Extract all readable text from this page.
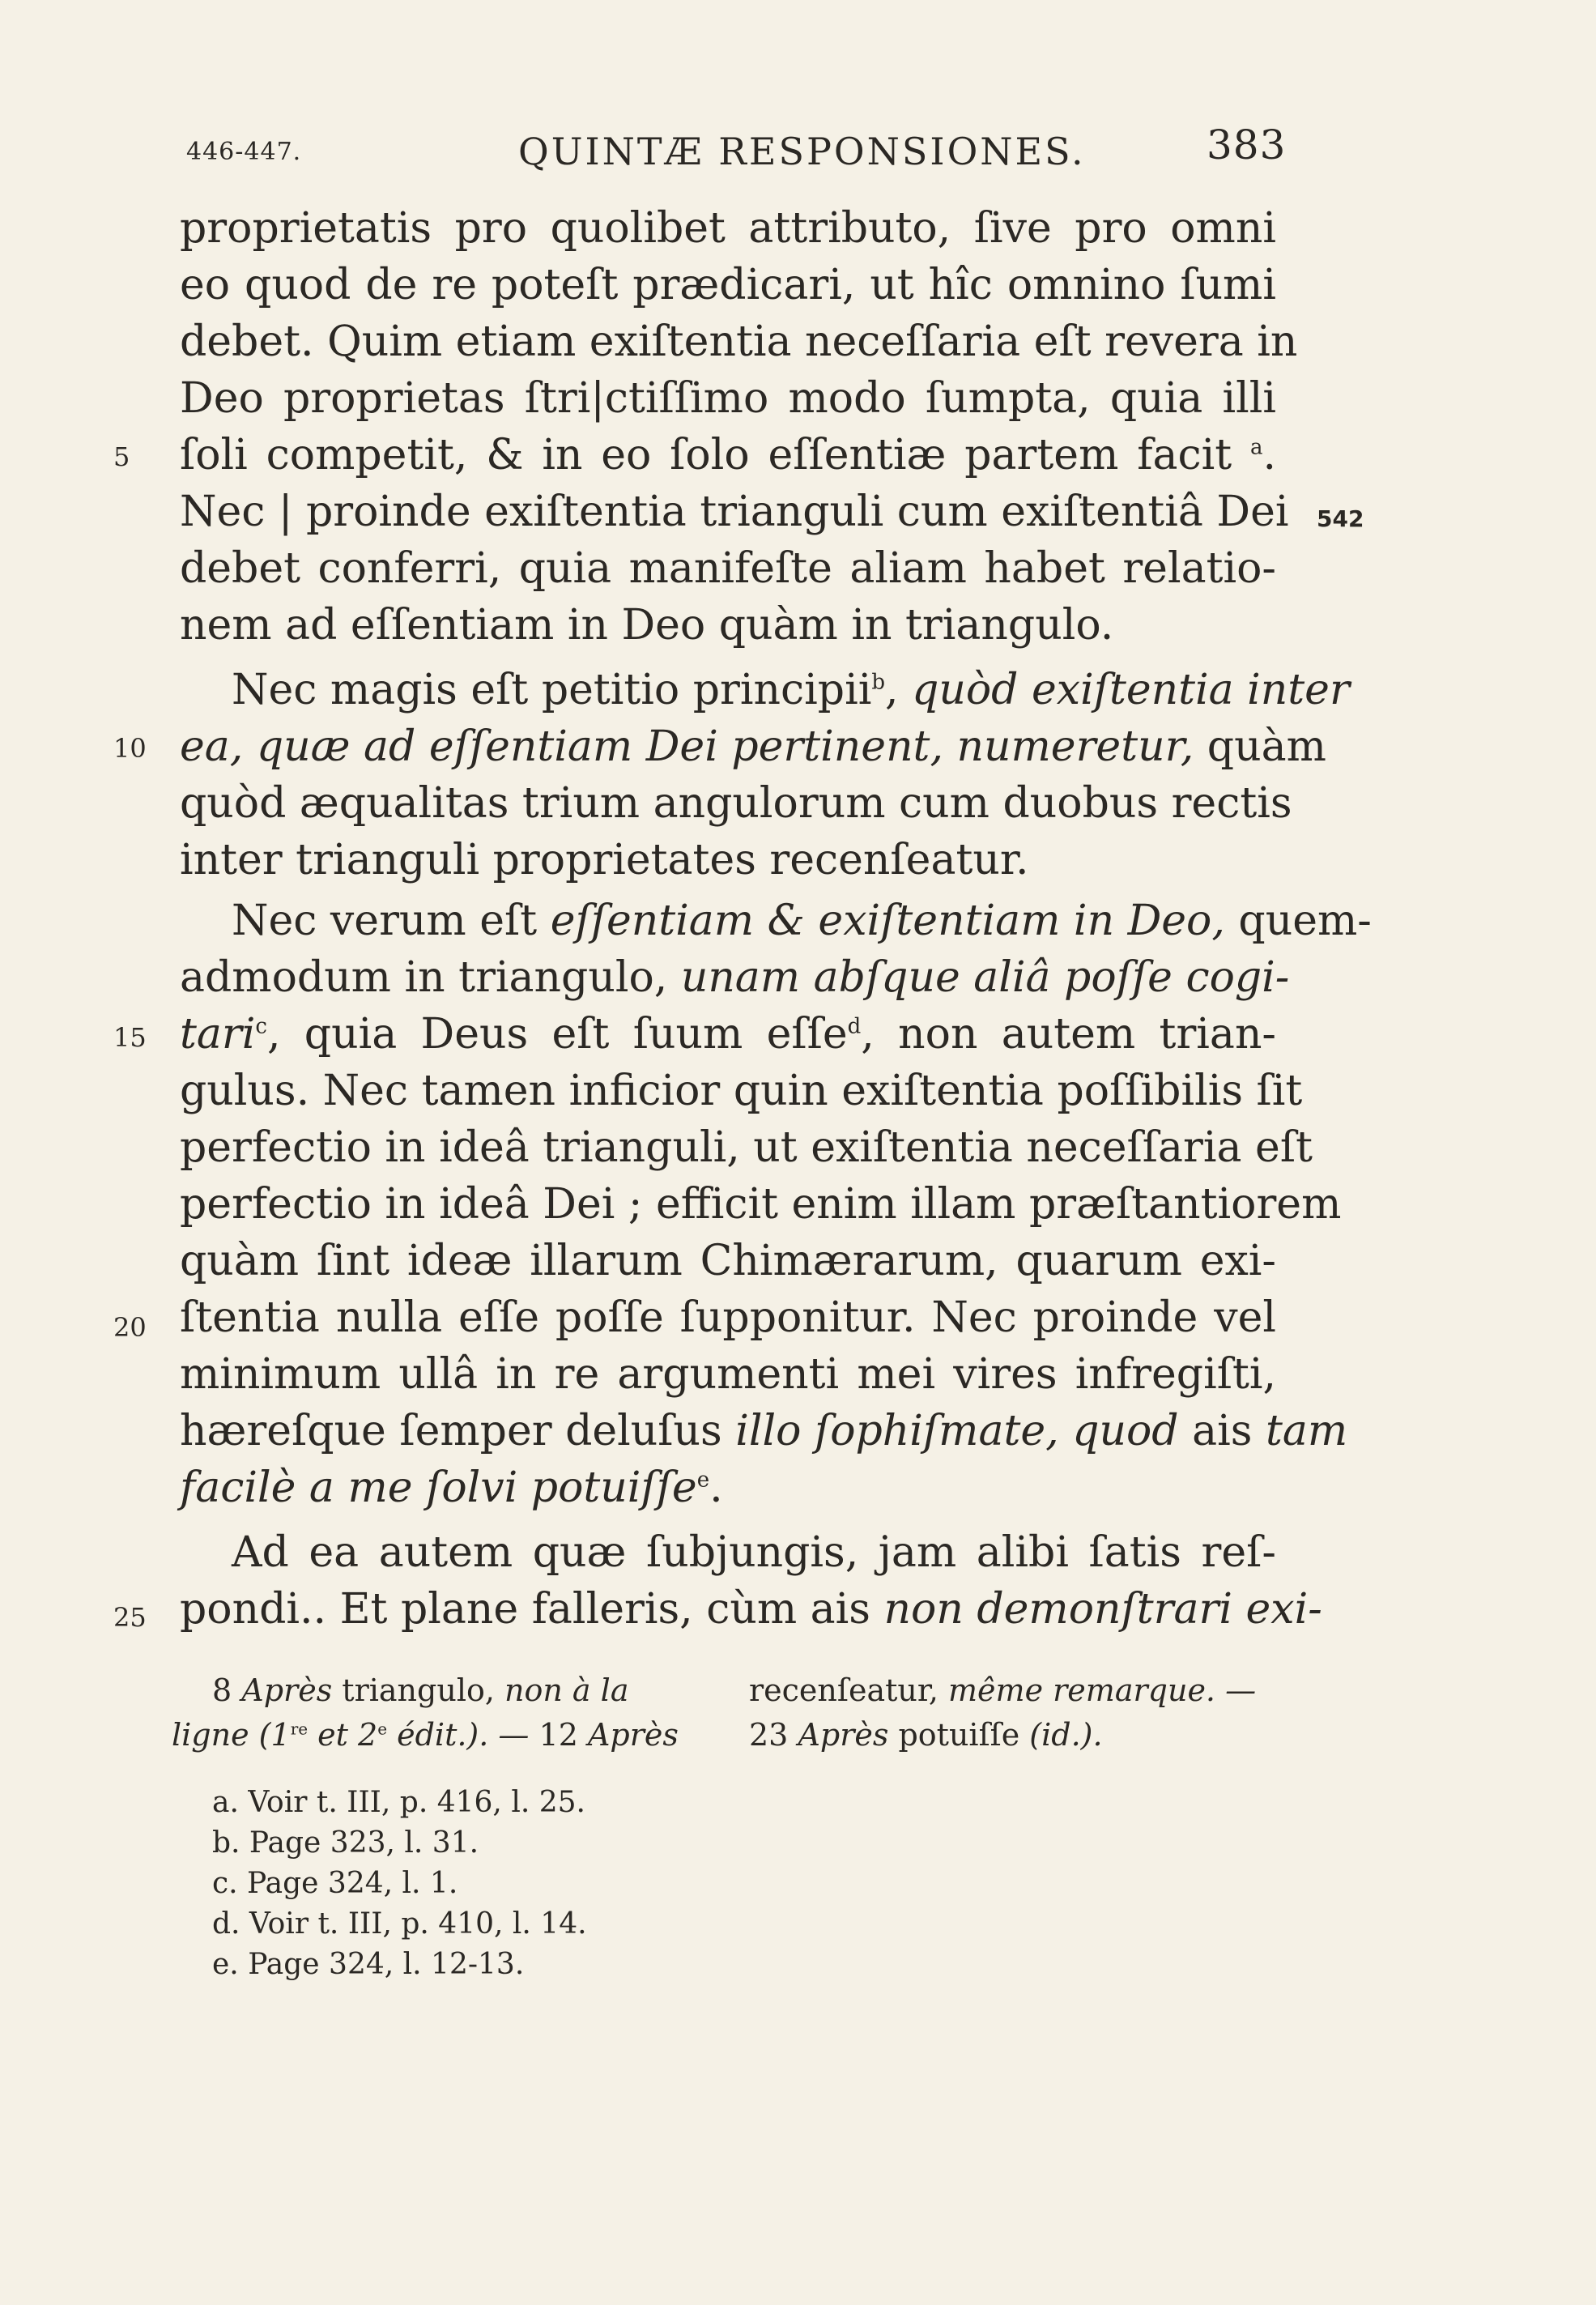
446-447.	QUINTÆ RESPONSIONES.	383
542
5
10
15
20
25
proprietatis pro quolibet attributo, ſive pro omni
eo quod de re poteſt prædicari, ut hîc omnino ſumi
debet. Quim etiam exiſtentia neceſſaria eſt revera in
Deo proprietas ſtri|ctiſſimo modo ſumpta, quia illi
ſoli competit, & in eo ſolo eſſentiæ partem facit $^a$.
Nec | proinde exiſtentia trianguli cum exiſtentiâ Dei
debet conferri, quia manifeſte aliam habet relatio-
nem ad eſſentiam in Deo quàm in triangulo.
Nec magis eſt petitio principii$^b$, quòd exiſtentia inter
ea, quæ ad eſſentiam Dei pertinent, numeretur, quàm
quòd æqualitas trium angulorum cum duobus rectis
inter trianguli proprietates recenſeatur.
Nec verum eſt eſſentiam & exiſtentiam in Deo, quem-
admodum in triangulo, unam abſque aliâ poſſe cogi-
tari$^c$, quia Deus eſt ſuum eſſe$^d$, non autem trian-
gulus. Nec tamen inficior quin exiſtentia poſſibilis ſit
perfectio in ideâ trianguli, ut exiſtentia neceſſaria eſt
perfectio in ideâ Dei ; efficit enim illam præſtantiorem
quàm ſint ideæ illarum Chimærarum, quarum exi-
ſtentia nulla eſſe poſſe ſupponitur. Nec proinde vel
minimum ullâ in re argumenti mei vires infregiſti,
hæreſque ſemper deluſus illo ſophiſmate, quod ais tam
facilè a me ſolvi potuiſſe$^e$.
Ad ea autem quæ ſubjungis, jam alibi ſatis reſ-
pondi.. Et plane falleris, cùm ais non demonſtrari exi-
8 Après triangulo, non à la
ligne (1re et 2e édit.). — 12 Après
recenſeatur, même remarque. —
23 Après potuiſſe (id.).
a. Voir t. III, p. 416, l. 25.
b. Page 323, l. 31.
c. Page 324, l. 1.
d. Voir t. III, p. 410, l. 14.
e. Page 324, l. 12-13.
